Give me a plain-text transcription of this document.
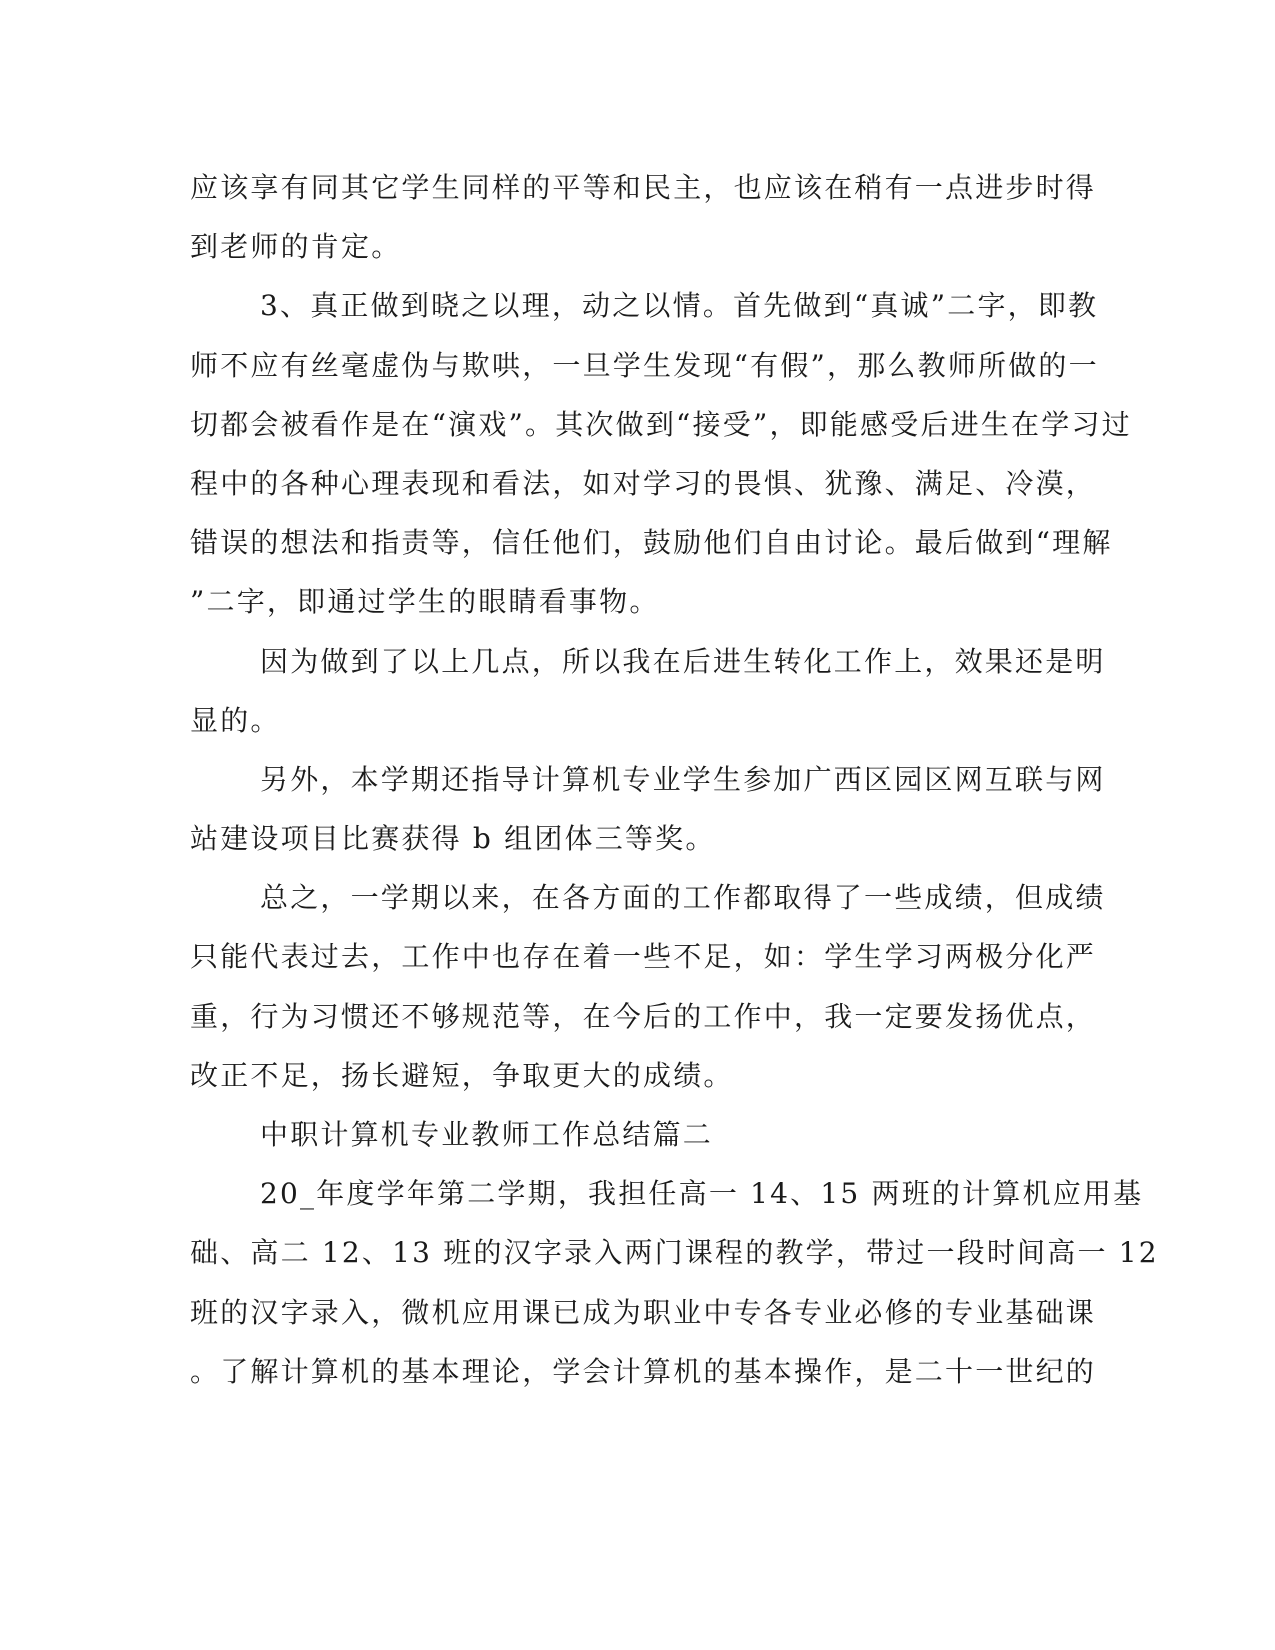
应该享有同其它学生同样的平等和民主，也应该在稍有一点进步时得
到老师的肯定。
3、真正做到晓之以理，动之以情。首先做到“真诚”二字，即教
师不应有丝毫虚伪与欺哄，一旦学生发现“有假”，那么教师所做的一
切都会被看作是在“演戏”。其次做到“接受”，即能感受后进生在学习过
程中的各种心理表现和看法，如对学习的畏惧、犹豫、满足、冷漠，
错误的想法和指责等，信任他们，鼓励他们自由讨论。最后做到“理解
”二字，即通过学生的眼睛看事物。
因为做到了以上几点，所以我在后进生转化工作上，效果还是明
显的。
另外，本学期还指导计算机专业学生参加广西区园区网互联与网
站建设项目比赛获得 b 组团体三等奖。
总之，一学期以来，在各方面的工作都取得了一些成绩，但成绩
只能代表过去，工作中也存在着一些不足，如：学生学习两极分化严
重，行为习惯还不够规范等，在今后的工作中，我一定要发扬优点，
改正不足，扬长避短，争取更大的成绩。
中职计算机专业教师工作总结篇二
20_年度学年第二学期，我担任高一 14、15 两班的计算机应用基
础、高二 12、13 班的汉字录入两门课程的教学，带过一段时间高一 12
班的汉字录入，微机应用课已成为职业中专各专业必修的专业基础课
。了解计算机的基本理论，学会计算机的基本操作，是二十一世纪的
